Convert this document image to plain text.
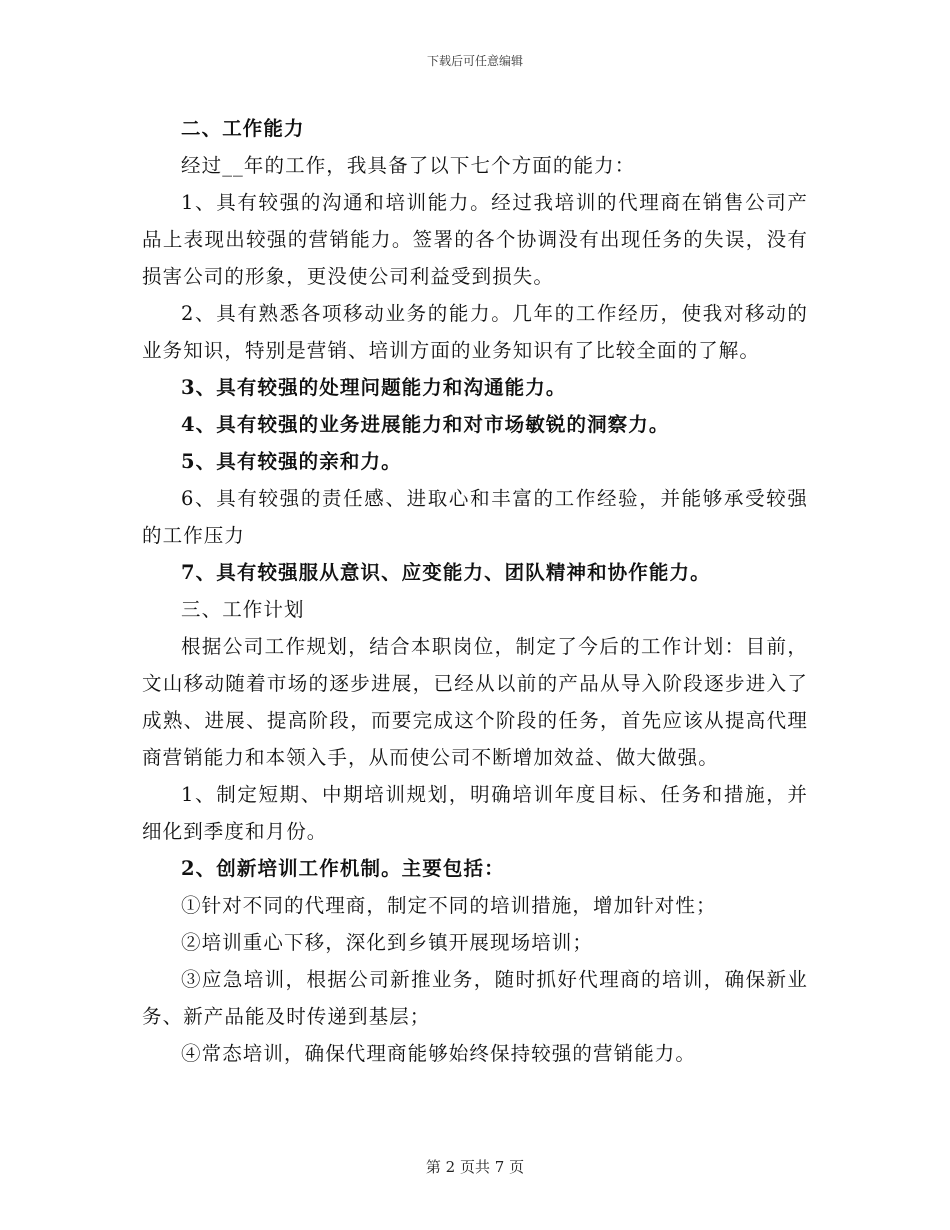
下载后可任意编辑

二、工作能力

经过__年的工作，我具备了以下七个方面的能力：

1、具有较强的沟通和培训能力。经过我培训的代理商在销售公司产品上表现出较强的营销能力。签署的各个协调没有出现任务的失误，没有损害公司的形象，更没使公司利益受到损失。

2、具有熟悉各项移动业务的能力。几年的工作经历，使我对移动的业务知识，特别是营销、培训方面的业务知识有了比较全面的了解。

3、具有较强的处理问题能力和沟通能力。

4、具有较强的业务进展能力和对市场敏锐的洞察力。

5、具有较强的亲和力。

6、具有较强的责任感、进取心和丰富的工作经验，并能够承受较强的工作压力

7、具有较强服从意识、应变能力、团队精神和协作能力。

三、工作计划

根据公司工作规划，结合本职岗位，制定了今后的工作计划：目前，文山移动随着市场的逐步进展，已经从以前的产品从导入阶段逐步进入了成熟、进展、提高阶段，而要完成这个阶段的任务，首先应该从提高代理商营销能力和本领入手，从而使公司不断增加效益、做大做强。

1、制定短期、中期培训规划，明确培训年度目标、任务和措施，并细化到季度和月份。

2、创新培训工作机制。主要包括：

①针对不同的代理商，制定不同的培训措施，增加针对性；

②培训重心下移，深化到乡镇开展现场培训；

③应急培训，根据公司新推业务，随时抓好代理商的培训，确保新业务、新产品能及时传递到基层；

④常态培训，确保代理商能够始终保持较强的营销能力。

第 2 页共 7 页
